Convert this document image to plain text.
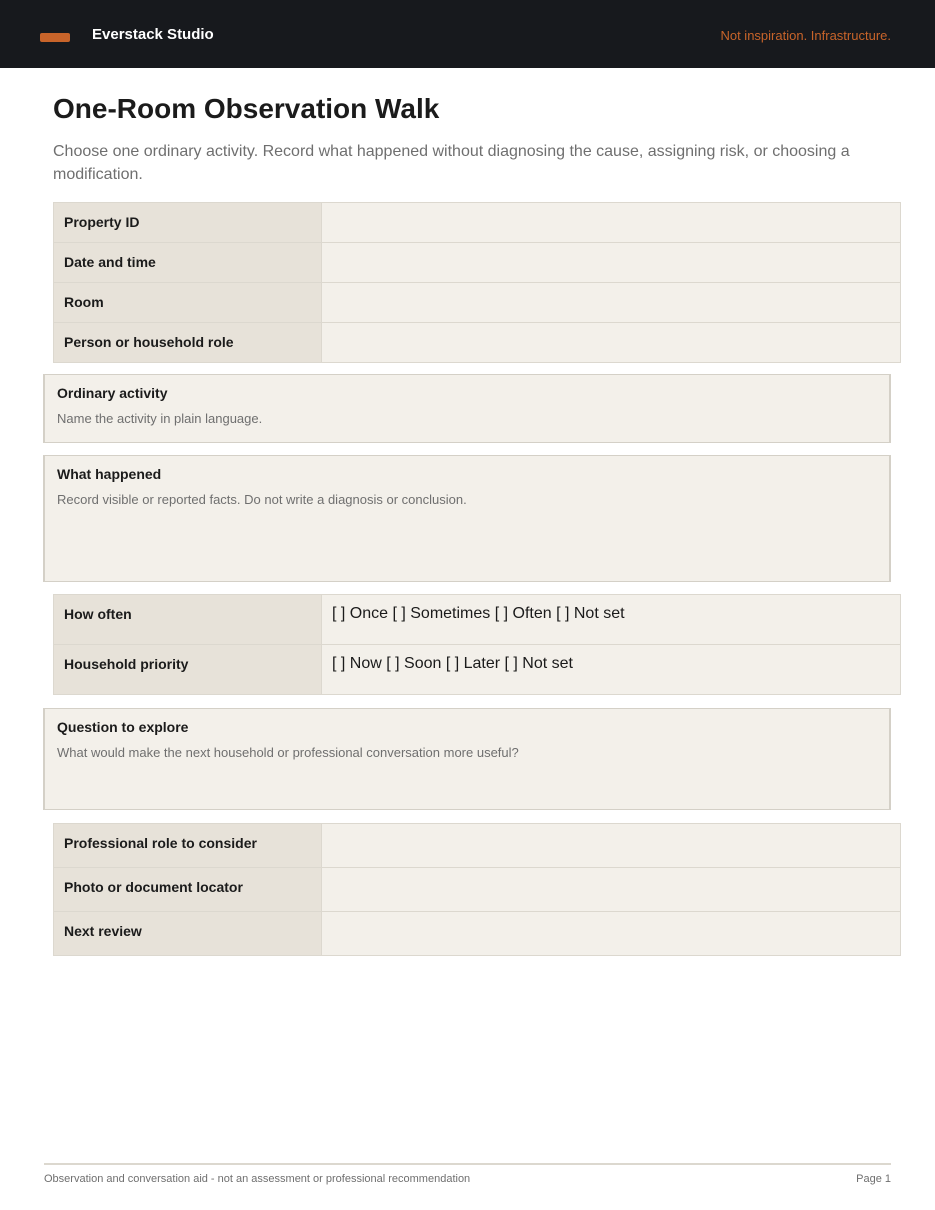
Everstack Studio	Not inspiration. Infrastructure.
One-Room Observation Walk

Choose one ordinary activity. Record what happened without diagnosing the cause, assigning risk, or choosing a modification.

Property ID	
Date and time	
Room	
Person or household role	

Ordinary activity

Name the activity in plain language.

What happened

Record visible or reported facts. Do not write a diagnosis or conclusion.

How often	[ ] Once [ ] Sometimes [ ] Often [ ] Not set
Household priority	[ ] Now [ ] Soon [ ] Later [ ] Not set

Question to explore

What would make the next household or professional conversation more useful?

Professional role to consider	
Photo or document locator	
Next review	
Observation and conversation aid - not an assessment or professional recommendation	Page 1
